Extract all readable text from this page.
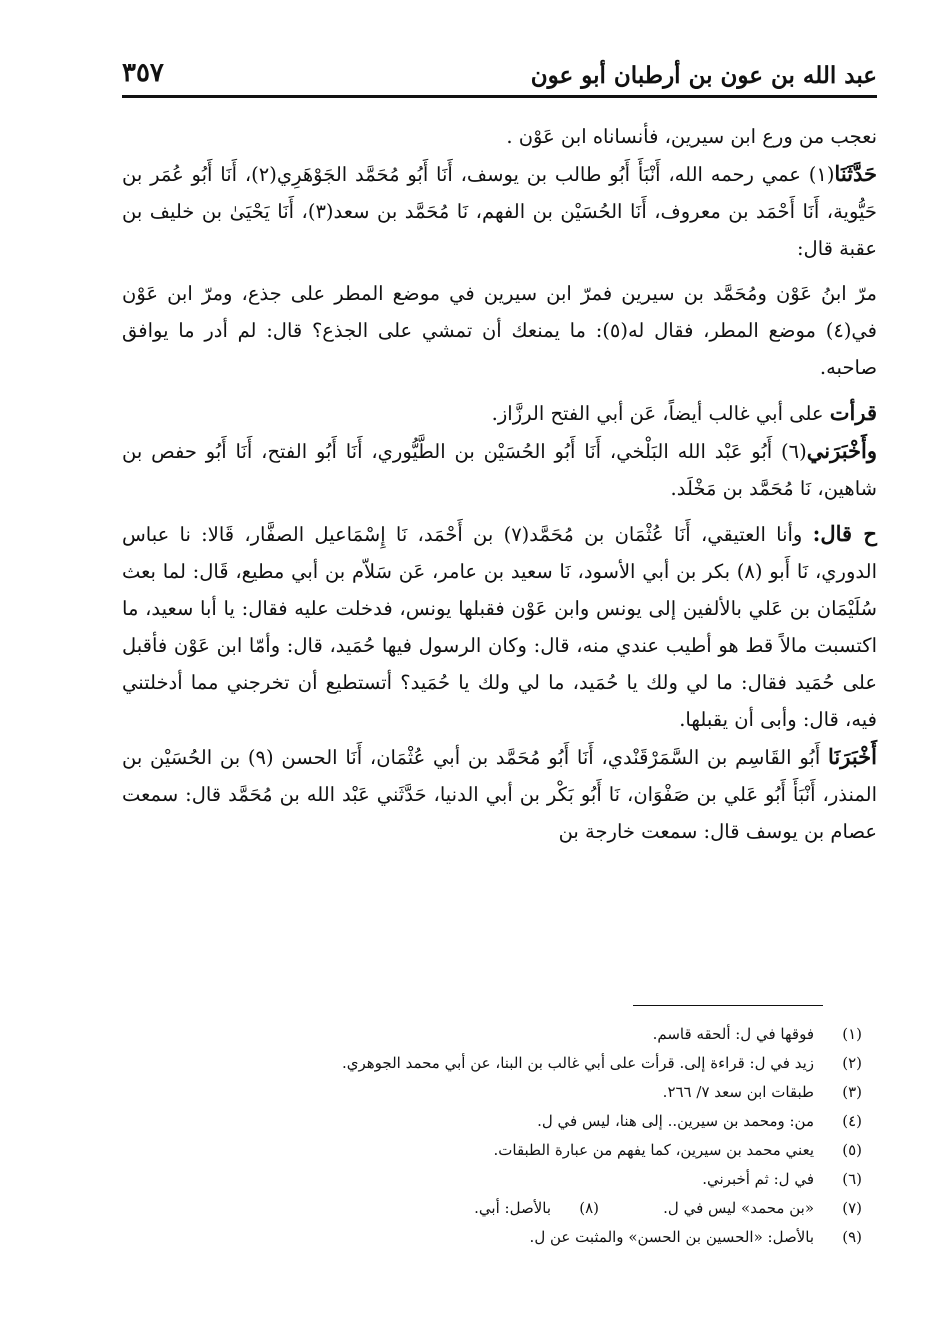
عبد الله بن عون بن أرطبان أبو عون
٣٥٧

نعجب من ورع ابن سيرين، فأنساناه ابن عَوْن .

حَدَّثَنَا(١) عمي رحمه الله، أَنْبَأَ أَبُو طالب بن يوسف، أَنَا أَبُو مُحَمَّد الجَوْهَرِي(٢)، أَنَا أَبُو عُمَر بن حَيُّوية، أَنَا أَحْمَد بن معروف، أَنَا الحُسَيْن بن الفهم، نَا مُحَمَّد بن سعد(٣)، أَنَا يَحْيَىٰ بن خليف بن عقبة قال:

مرّ ابنُ عَوْن ومُحَمَّد بن سيرين فمرّ ابن سيرين في موضع المطر على جذع، ومرّ ابن عَوْن في(٤) موضع المطر، فقال له(٥): ما يمنعك أن تمشي على الجذع؟ قال: لم أدر ما يوافق صاحبه.

قرأت على أبي غالب أيضاً، عَن أبي الفتح الرزَّاز.

وأَخْبَرَني(٦) أَبُو عَبْد الله البَلْخي، أَنَا أَبُو الحُسَيْن بن الطَّيُّوري، أَنَا أَبُو الفتح، أَنَا أَبُو حفص بن شاهين، نَا مُحَمَّد بن مَخْلَد.

ح قال: وأنا العتيقي، أَنَا عُثْمَان بن مُحَمَّد(٧) بن أَحْمَد، نَا إِسْمَاعيل الصفَّار، قَالا: نا عباس الدوري، نَا أَبو (٨) بكر بن أبي الأسود، نَا سعيد بن عامر، عَن سَلاّم بن أبي مطيع، قَال: لما بعث سُلَيْمَان بن عَلي بالألفين إلى يونس وابن عَوْن فقبلها يونس، فدخلت عليه فقال: يا أبا سعيد، ما اكتسبت مالاً قط هو أطيب عندي منه، قال: وكان الرسول فيها حُمَيد، قال: وأمّا ابن عَوْن فأقبل على حُمَيد فقال: ما لي ولك يا حُمَيد، ما لي ولك يا حُمَيد؟ أتستطيع أن تخرجني مما أدخلتني فيه، قال: وأبى أن يقبلها.

أَخْبَرَنَا أَبُو القَاسِم بن السَّمَرْقَنْدي، أَنَا أَبُو مُحَمَّد بن أبي عُثْمَان، أَنَا الحسن (٩) بن الحُسَيْن بن المنذر، أَنْبَأَ أَبُو عَلي بن صَفْوَان، نَا أَبُو بَكْر بن أبي الدنيا، حَدَّثَني عَبْد الله بن مُحَمَّد قال: سمعت عصام بن يوسف قال: سمعت خارجة بن

(١)
فوقها في ل: ألحقه قاسم.
(٢)
زيد في ل: قراءة إلى. قرأت على أبي غالب بن البنا، عن أبي محمد الجوهري.
(٣)
طبقات ابن سعد ٧/ ٢٦٦.
(٤)
من: ومحمد بن سيرين.. إلى هنا، ليس في ل.
(٥)
يعني محمد بن سيرين، كما يفهم من عبارة الطبقات.
(٦)
في ل: ثم أخبرني.
(٧)
«بن محمد» ليس في ل.
(٨)
بالأصل: أبي.
(٩)
بالأصل: «الحسين بن الحسن» والمثبت عن ل.
